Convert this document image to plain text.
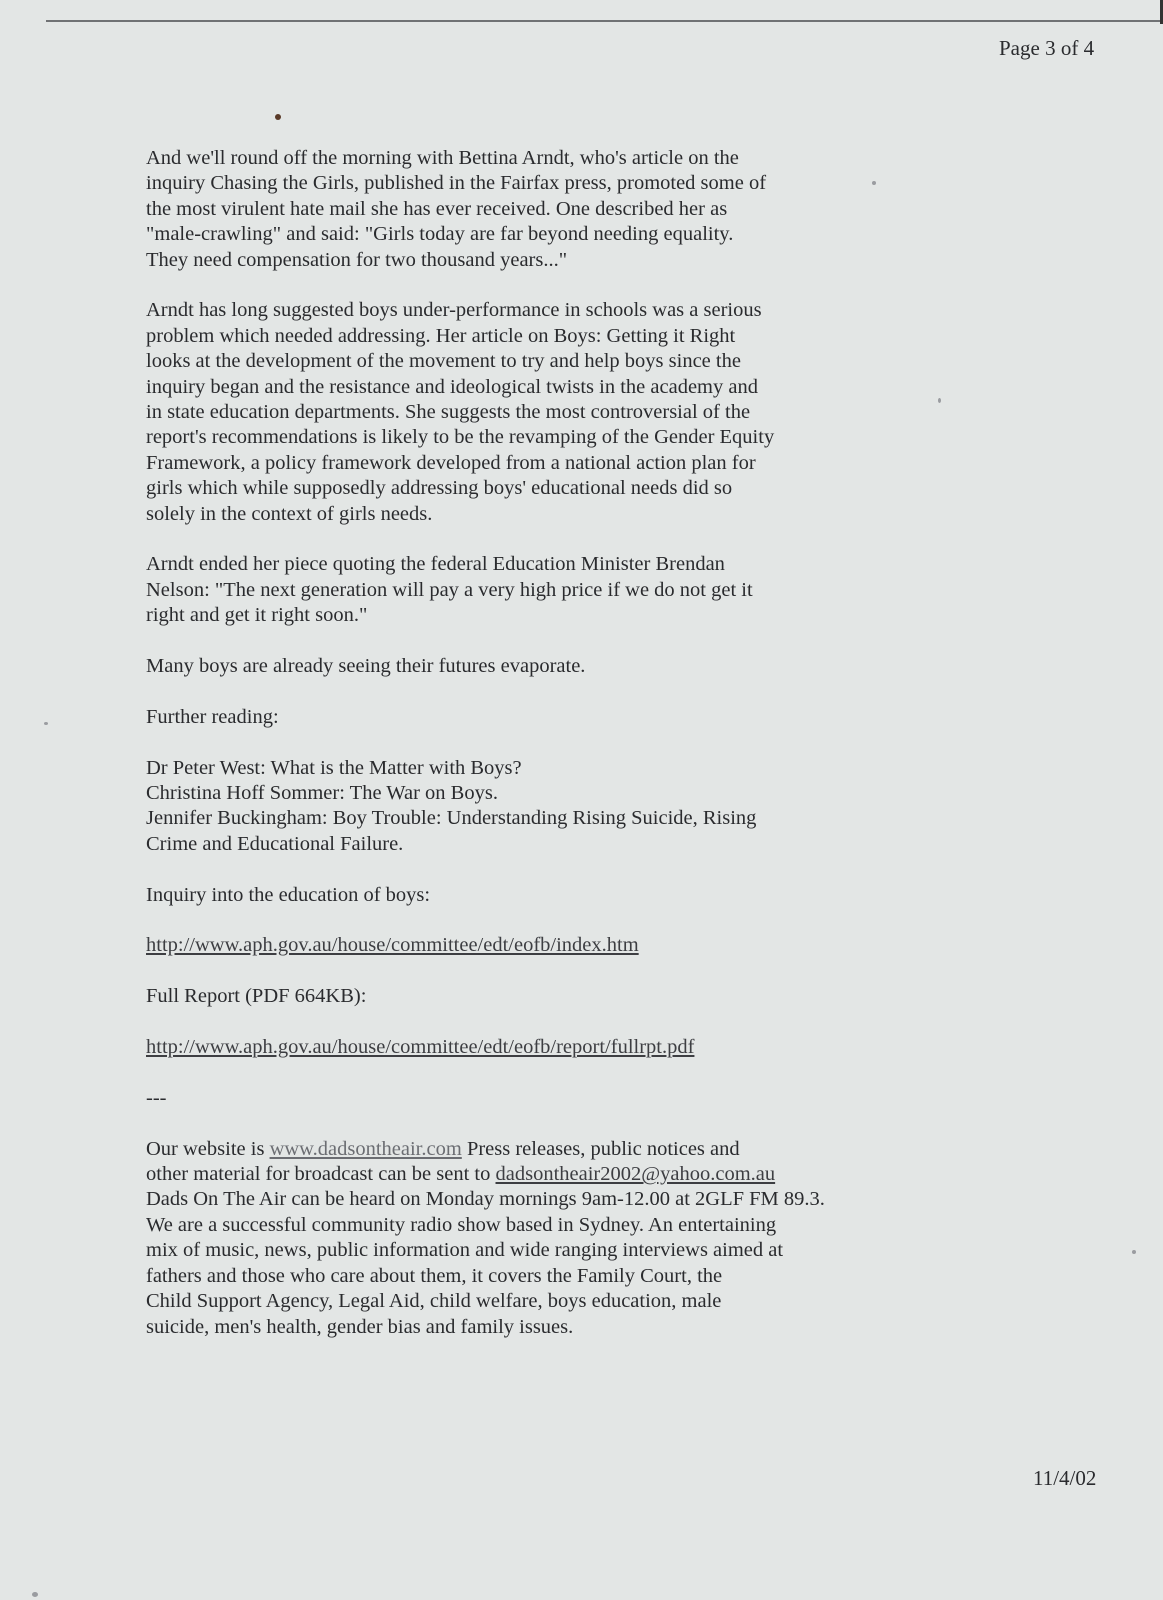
Page 3 of 4

And we'll round off the morning with Bettina Arndt, who's article on the
inquiry Chasing the Girls, published in the Fairfax press, promoted some of
the most virulent hate mail she has ever received. One described her as
"male-crawling" and said: "Girls today are far beyond needing equality.
They need compensation for two thousand years..."

Arndt has long suggested boys under-performance in schools was a serious
problem which needed addressing. Her article on Boys: Getting it Right
looks at the development of the movement to try and help boys since the
inquiry began and the resistance and ideological twists in the academy and
in state education departments. She suggests the most controversial of the
report's recommendations is likely to be the revamping of the Gender Equity
Framework, a policy framework developed from a national action plan for
girls which while supposedly addressing boys' educational needs did so
solely in the context of girls needs.

Arndt ended her piece quoting the federal Education Minister Brendan
Nelson: "The next generation will pay a very high price if we do not get it
right and get it right soon."

Many boys are already seeing their futures evaporate.

Further reading:

Dr Peter West: What is the Matter with Boys?
Christina Hoff Sommer: The War on Boys.
Jennifer Buckingham: Boy Trouble: Understanding Rising Suicide, Rising
Crime and Educational Failure.

Inquiry into the education of boys:

http://www.aph.gov.au/house/committee/edt/eofb/index.htm

Full Report (PDF 664KB):

http://www.aph.gov.au/house/committee/edt/eofb/report/fullrpt.pdf

---

Our website is www.dadsontheair.com Press releases, public notices and
other material for broadcast can be sent to dadsontheair2002@yahoo.com.au
Dads On The Air can be heard on Monday mornings 9am-12.00 at 2GLF FM 89.3.
We are a successful community radio show based in Sydney. An entertaining
mix of music, news, public information and wide ranging interviews aimed at
fathers and those who care about them, it covers the Family Court, the
Child Support Agency, Legal Aid, child welfare, boys education, male
suicide, men's health, gender bias and family issues.

11/4/02
